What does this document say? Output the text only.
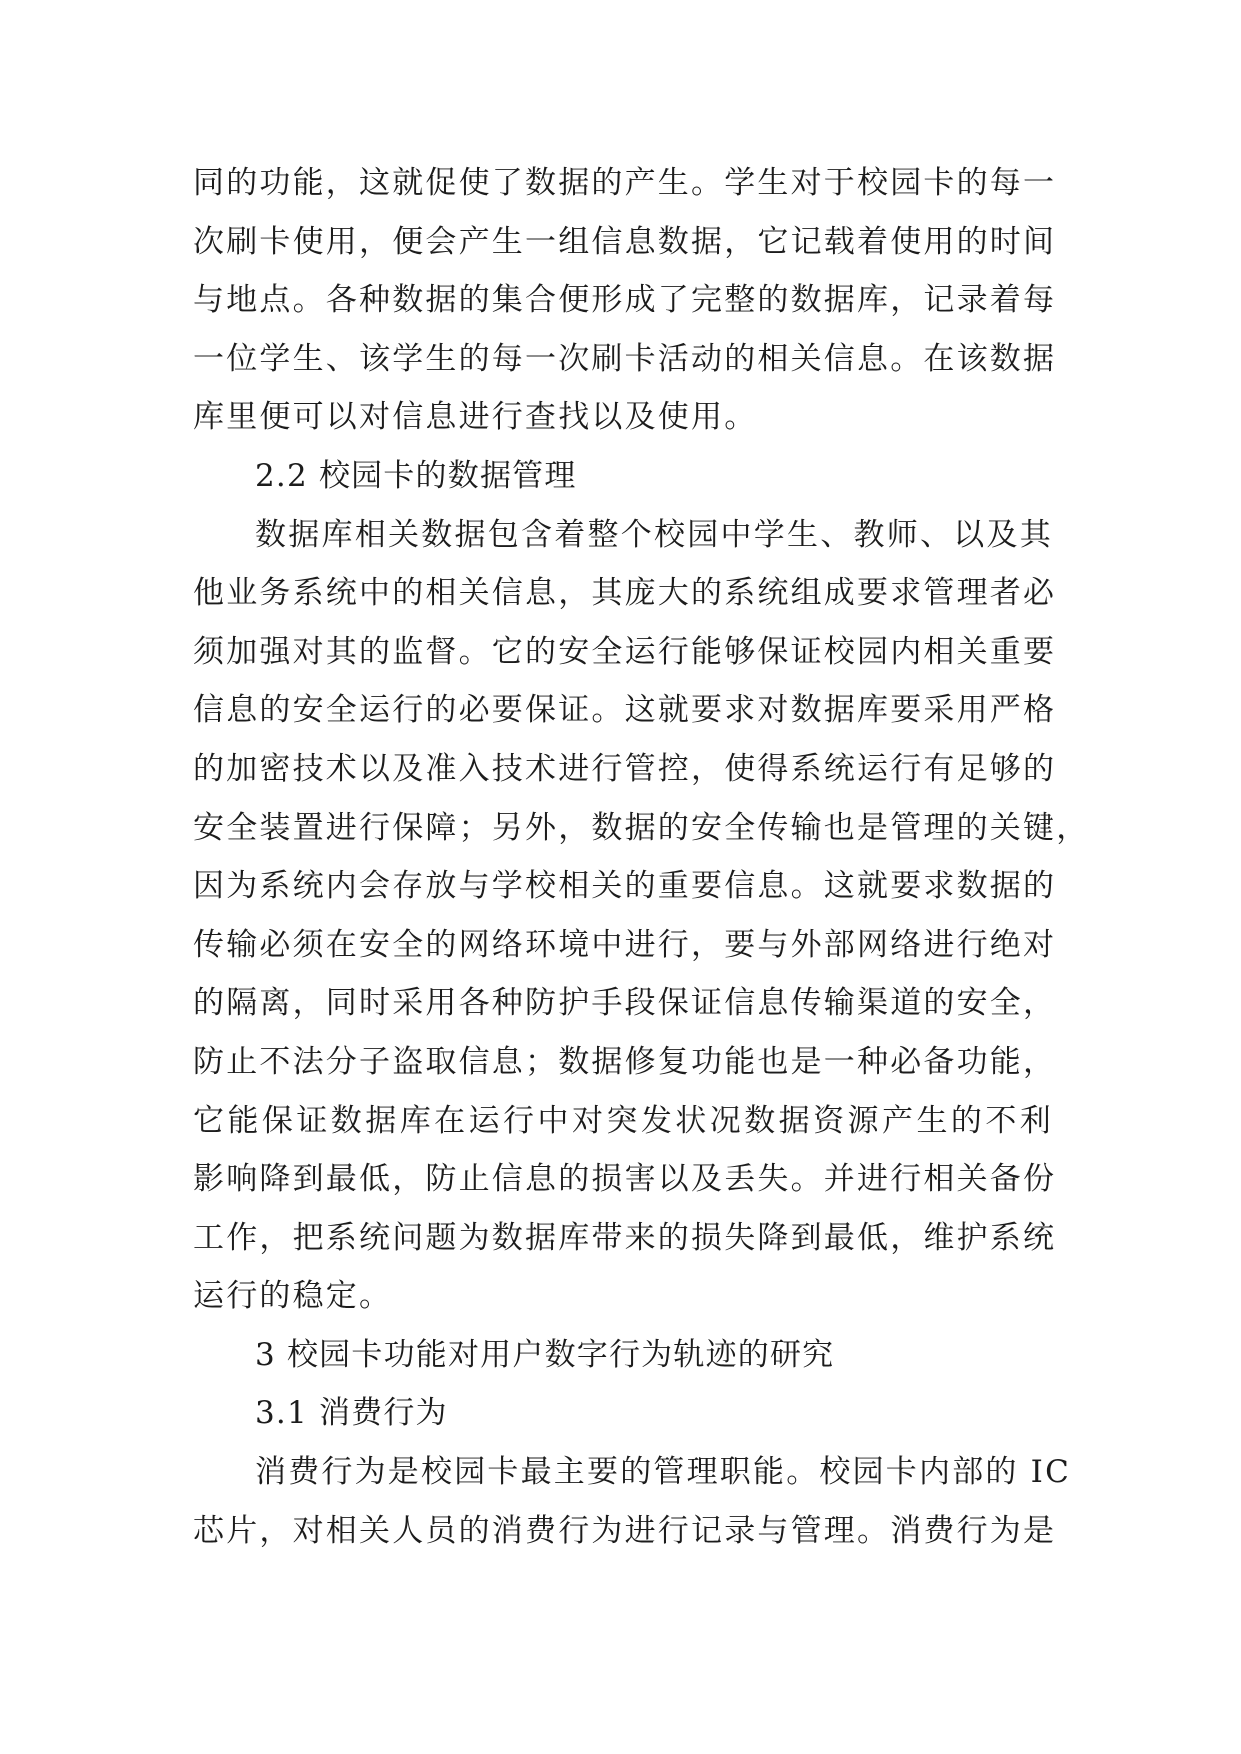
同的功能，这就促使了数据的产生。学生对于校园卡的每一
次刷卡使用，便会产生一组信息数据，它记载着使用的时间
与地点。各种数据的集合便形成了完整的数据库，记录着每
一位学生、该学生的每一次刷卡活动的相关信息。在该数据
库里便可以对信息进行查找以及使用。
2.2 校园卡的数据管理
数据库相关数据包含着整个校园中学生、教师、以及其
他业务系统中的相关信息，其庞大的系统组成要求管理者必
须加强对其的监督。它的安全运行能够保证校园内相关重要
信息的安全运行的必要保证。这就要求对数据库要采用严格
的加密技术以及准入技术进行管控，使得系统运行有足够的
安全装置进行保障；另外，数据的安全传输也是管理的关键，
因为系统内会存放与学校相关的重要信息。这就要求数据的
传输必须在安全的网络环境中进行，要与外部网络进行绝对
的隔离，同时采用各种防护手段保证信息传输渠道的安全，
防止不法分子盗取信息；数据修复功能也是一种必备功能，
它能保证数据库在运行中对突发状况数据资源产生的不利
影响降到最低，防止信息的损害以及丢失。并进行相关备份
工作，把系统问题为数据库带来的损失降到最低，维护系统
运行的稳定。
3 校园卡功能对用户数字行为轨迹的研究
3.1 消费行为
消费行为是校园卡最主要的管理职能。校园卡内部的 IC
芯片，对相关人员的消费行为进行记录与管理。消费行为是
